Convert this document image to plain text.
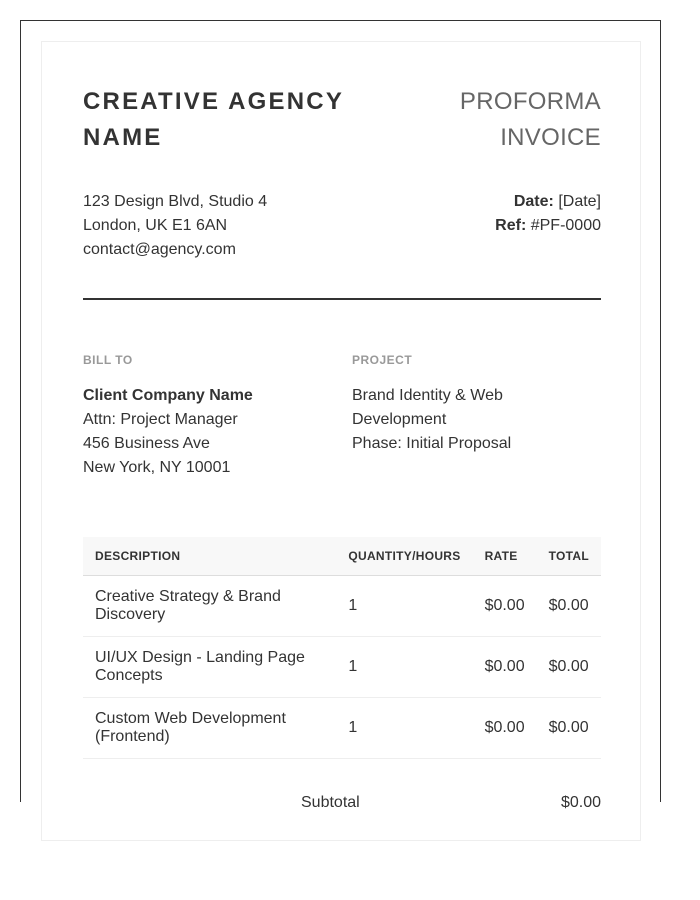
CREATIVE AGENCY NAME
123 Design Blvd, Studio 4
London, UK E1 6AN
contact@agency.com
PROFORMA
INVOICE
Date: [Date]
Ref: #PF-0000
BILL TO
Client Company Name
Attn: Project Manager
456 Business Ave
New York, NY 10001
PROJECT
Brand Identity & Web Development
Phase: Initial Proposal
DESCRIPTION	QUANTITY/HOURS	RATE	TOTAL
Creative Strategy & Brand Discovery	1	$0.00	$0.00
UI/UX Design - Landing Page Concepts	1	$0.00	$0.00
Custom Web Development (Frontend)	1	$0.00	$0.00
Subtotal	$0.00
